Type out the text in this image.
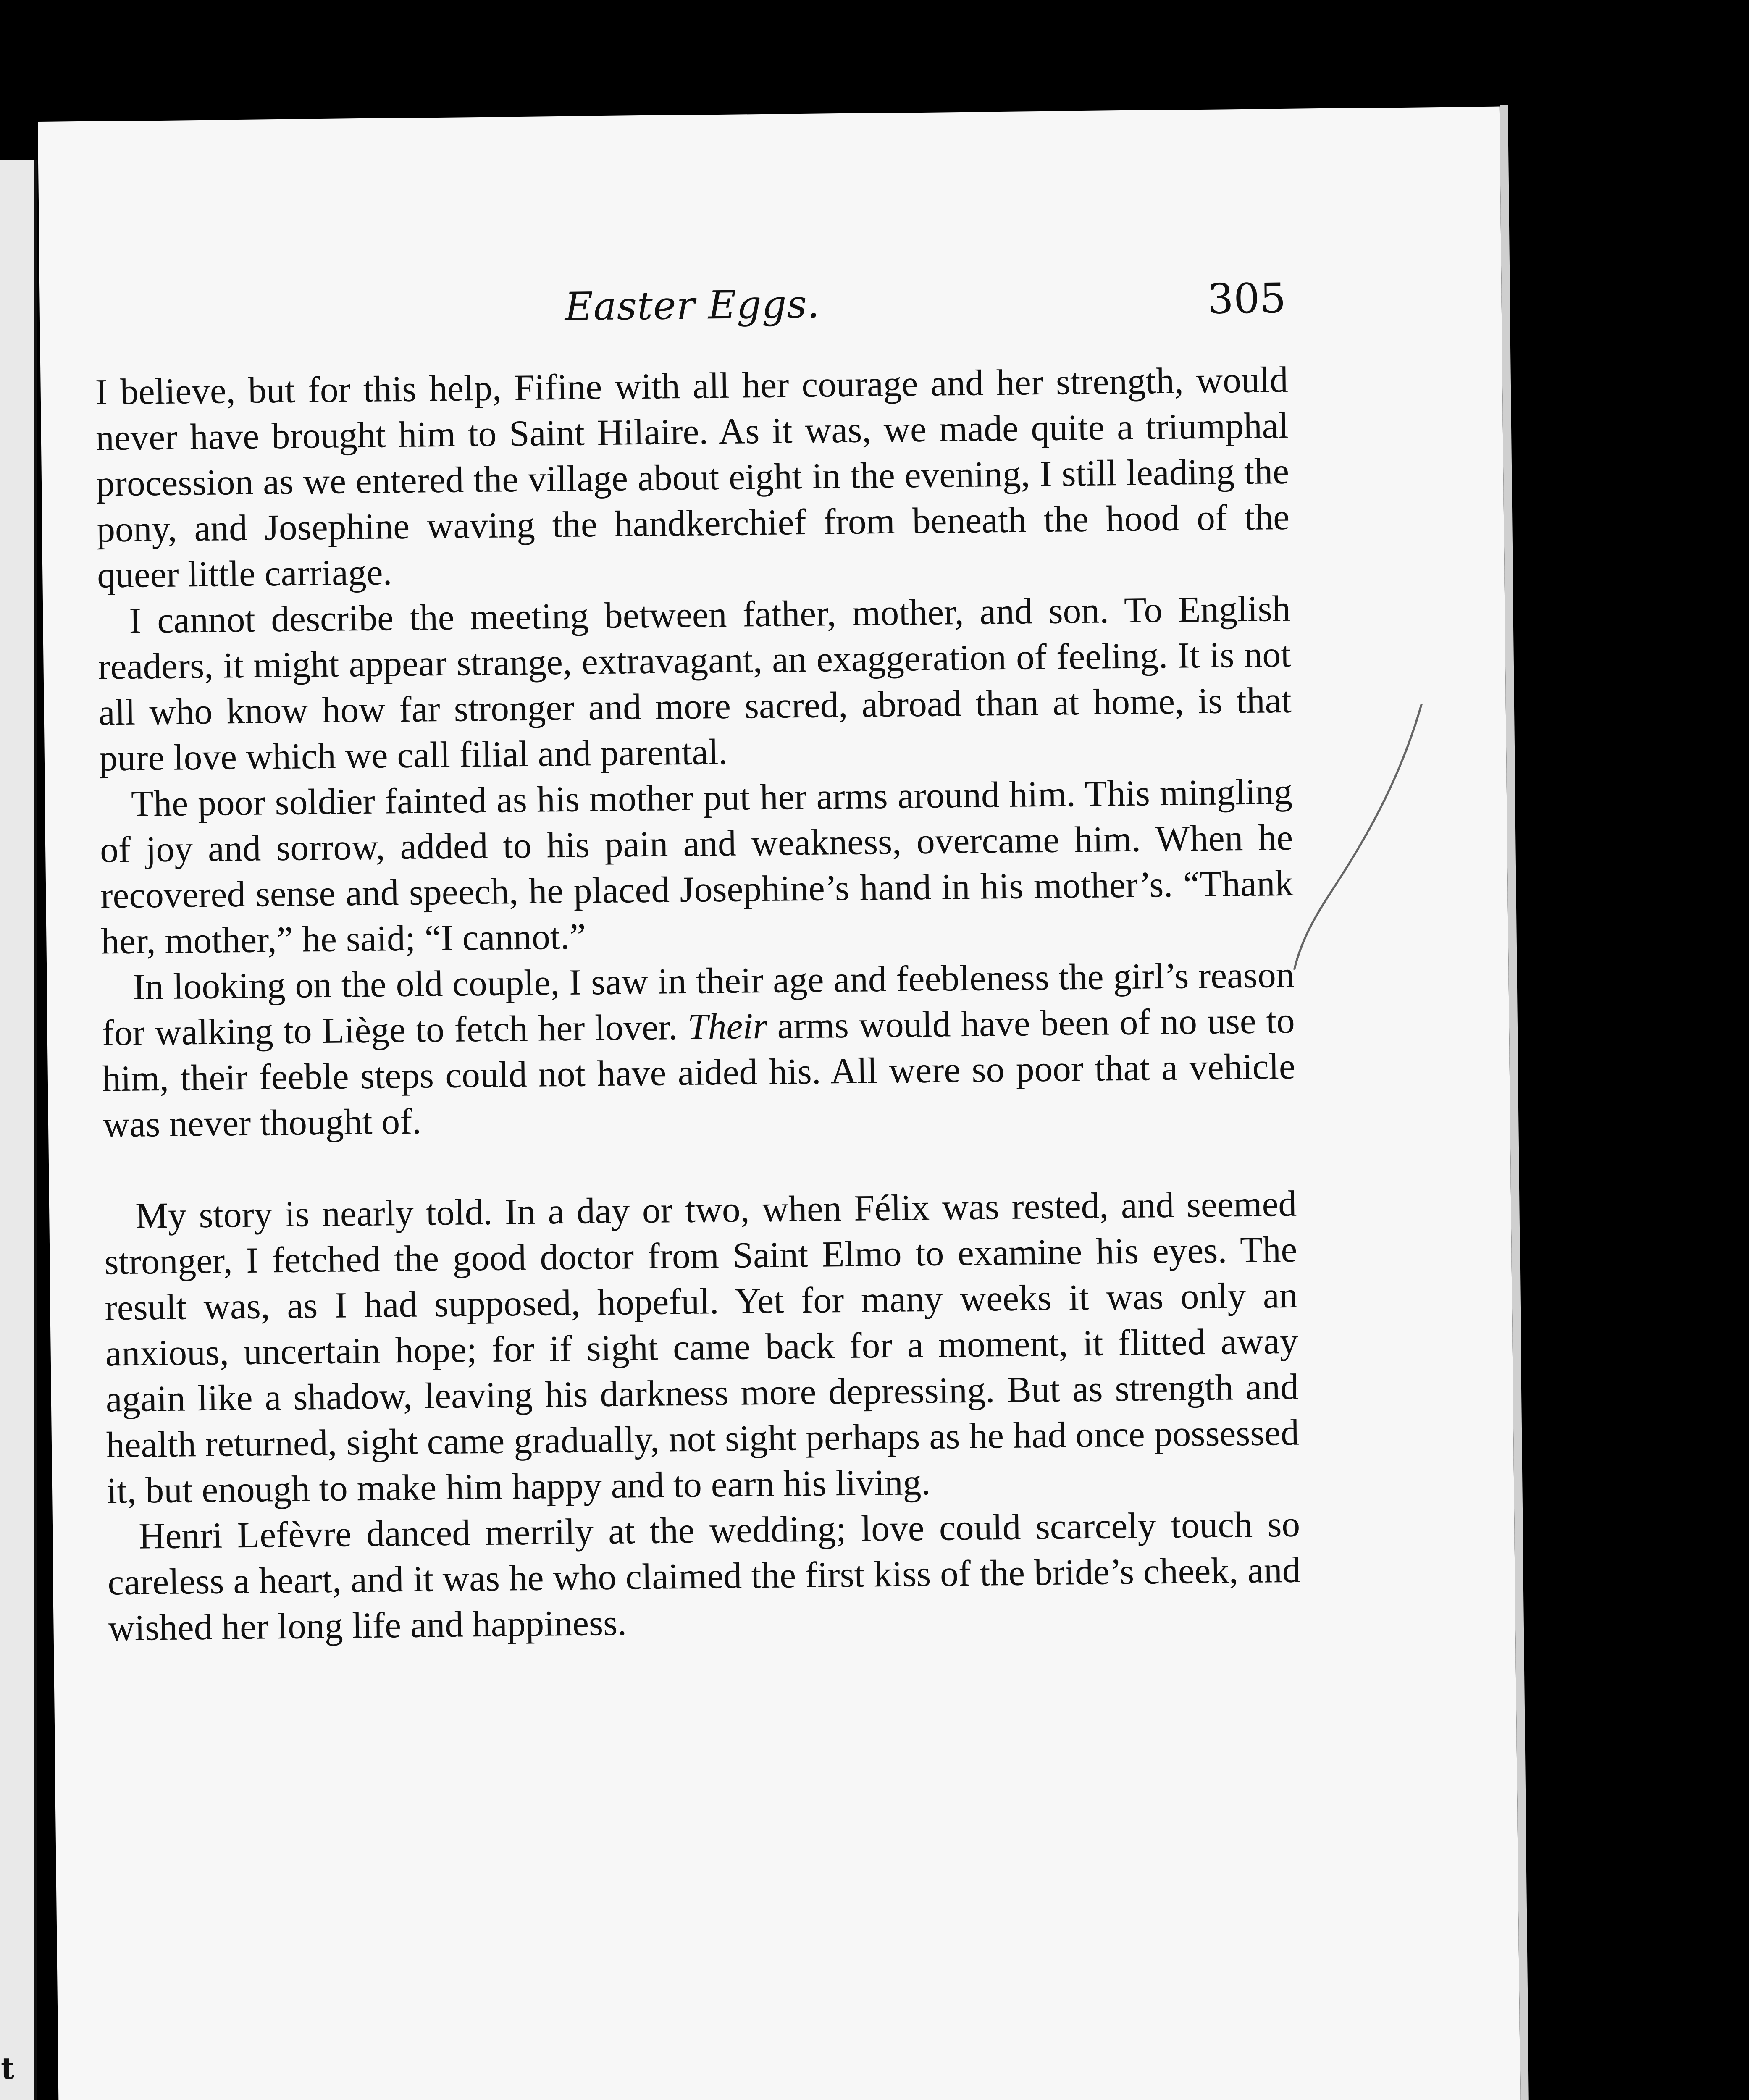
t
Easter Eggs.	305

I believe, but for this help, Fifine with all her courage and her strength, would never have brought him to Saint Hilaire. As it was, we made quite a triumphal procession as we entered the village about eight in the evening, I still leading the pony, and Josephine waving the handkerchief from beneath the hood of the queer little carriage.

I cannot describe the meeting between father, mother, and son. To English readers, it might appear strange, extravagant, an exaggeration of feeling. It is not all who know how far stronger and more sacred, abroad than at home, is that pure love which we call filial and parental.

The poor soldier fainted as his mother put her arms around him. This mingling of joy and sorrow, added to his pain and weakness, overcame him. When he recovered sense and speech, he placed Josephine’s hand in his mother’s. “Thank her, mother,” he said; “I cannot.”

In looking on the old couple, I saw in their age and feebleness the girl’s reason for walking to Liège to fetch her lover. Their arms would have been of no use to him, their feeble steps could not have aided his. All were so poor that a vehicle was never thought of.

My story is nearly told. In a day or two, when Félix was rested, and seemed stronger, I fetched the good doctor from Saint Elmo to examine his eyes. The result was, as I had supposed, hopeful. Yet for many weeks it was only an anxious, uncertain hope; for if sight came back for a moment, it flitted away again like a shadow, leaving his darkness more depressing. But as strength and health returned, sight came gradually, not sight perhaps as he had once possessed it, but enough to make him happy and to earn his living.

Henri Lefèvre danced merrily at the wedding; love could scarcely touch so careless a heart, and it was he who claimed the first kiss of the bride’s cheek, and wished her long life and happiness.
